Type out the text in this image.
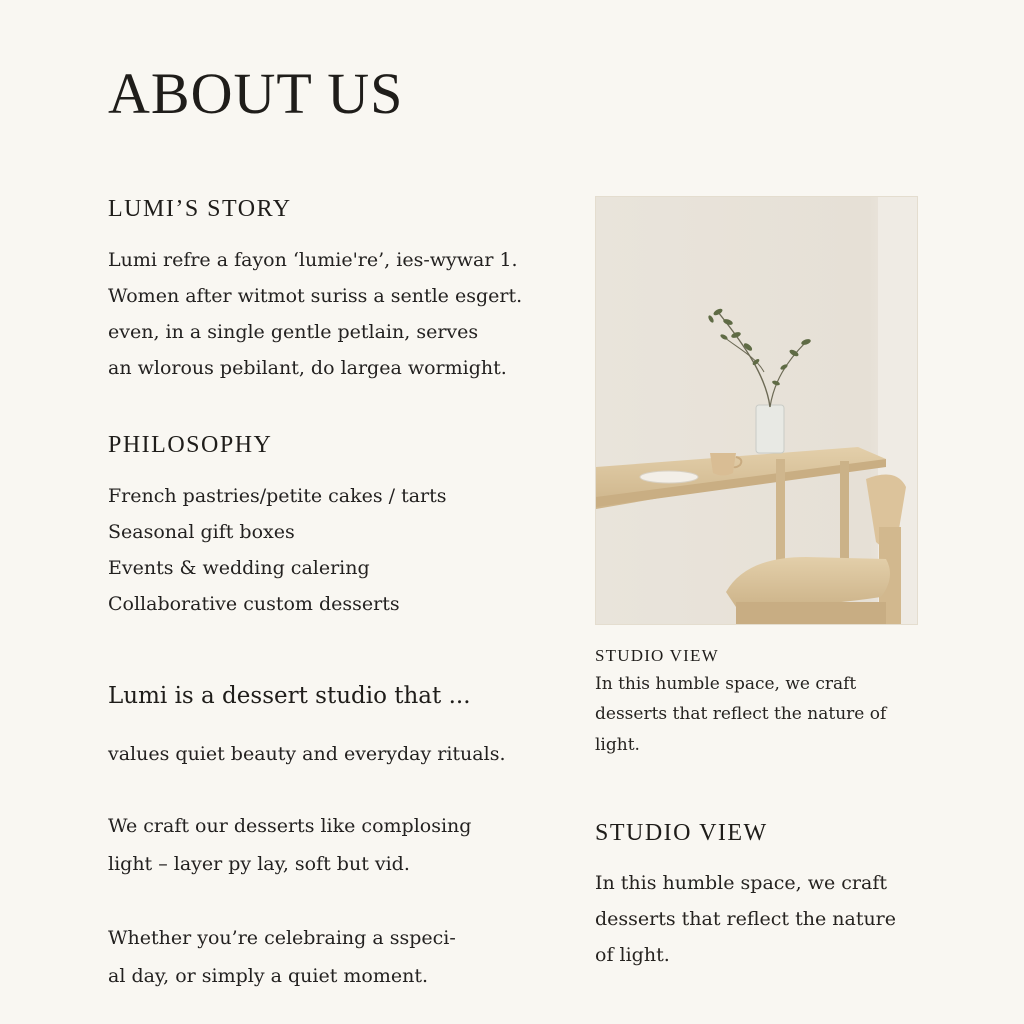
ABOUT US
LUMI’S STORY
Lumi refre a fayon ‘lumie're’, ies-wywar 1.
Women after witmot suriss a sentle esgert.
even, in a single gentle petlain, serves
an wlorous pebilant, do largea wormight.
PHILOSOPHY
French pastries/petite cakes / tarts
Seasonal gift boxes
Events & wedding calering
Collaborative custom desserts
Lumi is a dessert studio that ...
values quiet beauty and everyday rituals.
We craft our desserts like complosing
light – layer py lay, soft but vid.
Whether you’re celebraing a sspeci-
al day, or simply a quiet moment.
STUDIO VIEW
In this humble space, we craft
desserts that reflect the nature of
light.
STUDIO VIEW
In this humble space, we craft
desserts that reflect the nature
of light.
